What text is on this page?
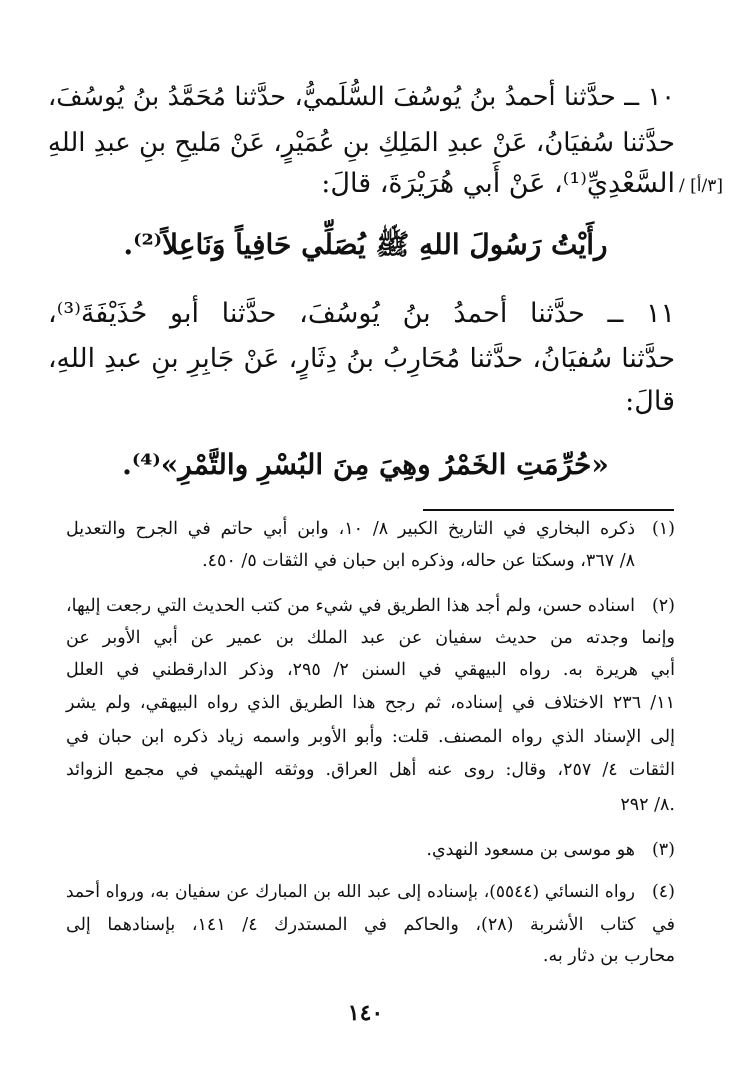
١٠ ــ حدَّثنا أحمدُ بنُ يُوسُفَ السُّلَميُّ، حدَّثنا مُحَمَّدُ بنُ يُوسُفَ،
حدَّثنا سُفيَانُ، عَنْ عبدِ المَلِكِ بنِ عُمَيْرٍ، عَنْ مَليحِ بنِ عبدِ اللهِ
السَّعْدِيِّ⁽¹⁾، عَنْ أَبي هُرَيْرَةَ، قالَ: [٣/أ] /
رأَيْتُ رَسُولَ اللهِ ﷺ يُصَلِّي حَافِياً وَنَاعِلاً⁽²⁾.
١١ ــ حدَّثنا أحمدُ بنُ يُوسُفَ، حدَّثنا أبو حُذَيْفَةَ⁽³⁾،
حدَّثنا سُفيَانُ، حدَّثنا مُحَارِبُ بنُ دِثَارٍ، عَنْ جَابِرِ بنِ عبدِ اللهِ،
قالَ:
«حُرِّمَتِ الخَمْرُ وهِيَ مِنَ البُسْرِ والتَّمْرِ»⁽⁴⁾.
(١)
ذكره البخاري في التاريخ الكبير ٨/ ١٠، وابن أبي حاتم في الجرح والتعديل
٨/ ٣٦٧، وسكتا عن حاله، وذكره ابن حبان في الثقات ٥/ ٤٥٠.
(٢)
اسناده حسن، ولم أجد هذا الطريق في شيء من كتب الحديث التي رجعت إليها،
وإنما وجدته من حديث سفيان عن عبد الملك بن عمير عن أبي الأوبر عن
أبي هريرة به. رواه البيهقي في السنن ٢/ ٢٩٥، وذكر الدارقطني في العلل
١١/ ٢٣٦ الاختلاف في إسناده، ثم رجح هذا الطريق الذي رواه البيهقي، ولم يشر
إلى الإسناد الذي رواه المصنف. قلت: وأبو الأوبر واسمه زياد ذكره ابن حبان في
الثقات ٤/ ٢٥٧، وقال: روى عنه أهل العراق. ووثقه الهيثمي في مجمع الزوائد
٨/ ٢٩٢.
(٣)
هو موسى بن مسعود النهدي.
(٤)
رواه النسائي (٥٥٤٤)، بإسناده إلى عبد الله بن المبارك عن سفيان به، ورواه أحمد
في كتاب الأشربة (٢٨)، والحاكم في المستدرك ٤/ ١٤١، بإسنادهما إلى
محارب بن دثار به.
١٤٠
